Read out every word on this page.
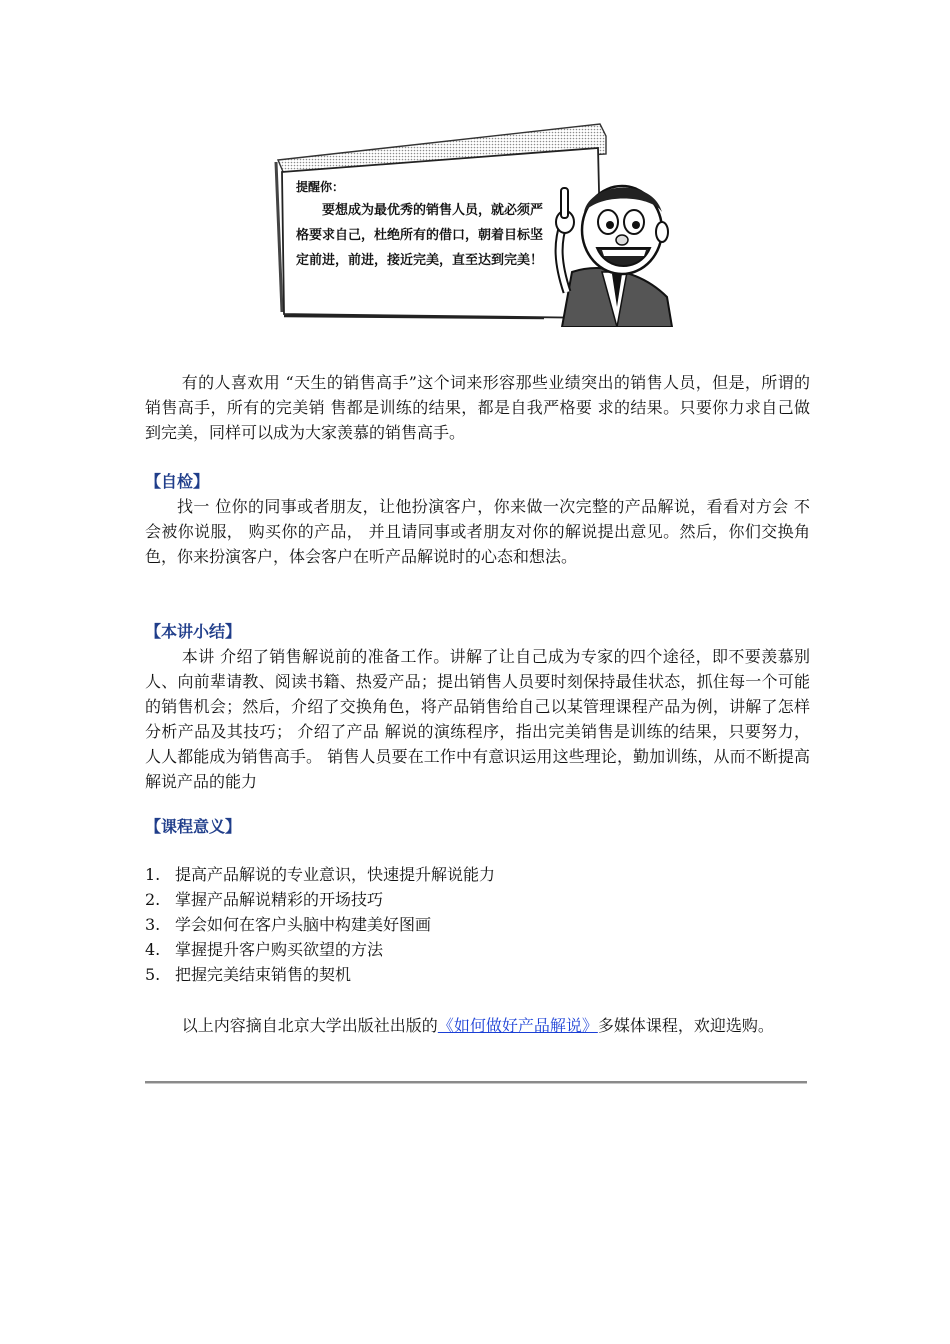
提醒你：
要想成为最优秀的销售人员，就必须严格要求自己，杜绝所有的借口，朝着目标坚定前进，前进，接近完美，直至达到完美！

有的人喜欢用 “天生的销售高手”这个词来形容那些业绩突出的销售人员，但是，所谓的销售高手，所有的完美销 售都是训练的结果，都是自我严格要 求的结果。只要你力求自己做到完美，同样可以成为大家羡慕的销售高手。

【自检】

找一 位你的同事或者朋友，让他扮演客户，你来做一次完整的产品解说，看看对方会 不会被你说服， 购买你的产品， 并且请同事或者朋友对你的解说提出意见。然后，你们交换角色，你来扮演客户，体会客户在听产品解说时的心态和想法。

【本讲小结】

本讲 介绍了销售解说前的准备工作。讲解了让自己成为专家的四个途径，即不要羡慕别人、向前辈请教、阅读书籍、热爱产品；提出销售人员要时刻保持最佳状态，抓住每一个可能的销售机会；然后，介绍了交换角色，将产品销售给自己以某管理课程产品为例，讲解了怎样分析产品及其技巧； 介绍了产品 解说的演练程序，指出完美销售是训练的结果，只要努力，人人都能成为销售高手。 销售人员要在工作中有意识运用这些理论，勤加训练，从而不断提高解说产品的能力

【课程意义】
1. 提高产品解说的专业意识，快速提升解说能力
2. 掌握产品解说精彩的开场技巧
3. 学会如何在客户头脑中构建美好图画
4. 掌握提升客户购买欲望的方法
5. 把握完美结束销售的契机

以上内容摘自北京大学出版社出版的《如何做好产品解说》多媒体课程，欢迎选购。
